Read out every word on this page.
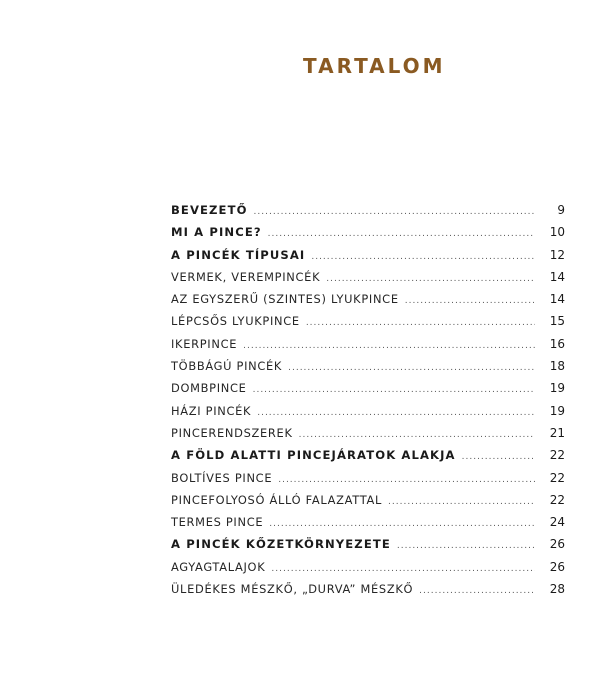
TARTALOM
BEVEZETŐ .....	9
MI A PINCE? .....	10
A PINCÉK TÍPUSAI .....	12
VERMEK, VEREMPINCÉK .....	14
AZ EGYSZERŰ (SZINTES) LYUKPINCE .....	14
LÉPCSŐS LYUKPINCE .....	15
IKERPINCE .....	16
TÖBBÁGÚ PINCÉK .....	18
DOMBPINCE .....	19
HÁZI PINCÉK .....	19
PINCERENDSZEREK .....	21
A FÖLD ALATTI PINCEJÁRATOK ALAKJA .....	22
BOLTÍVES PINCE .....	22
PINCEFOLYOSÓ ÁLLÓ FALAZATTAL .....	22
TERMES PINCE .....	24
A PINCÉK KŐZETKÖRNYEZETE .....	26
AGYAGTALAJOK .....	26
ÜLEDÉKES MÉSZKŐ, „DURVA” MÉSZKŐ .....	28
